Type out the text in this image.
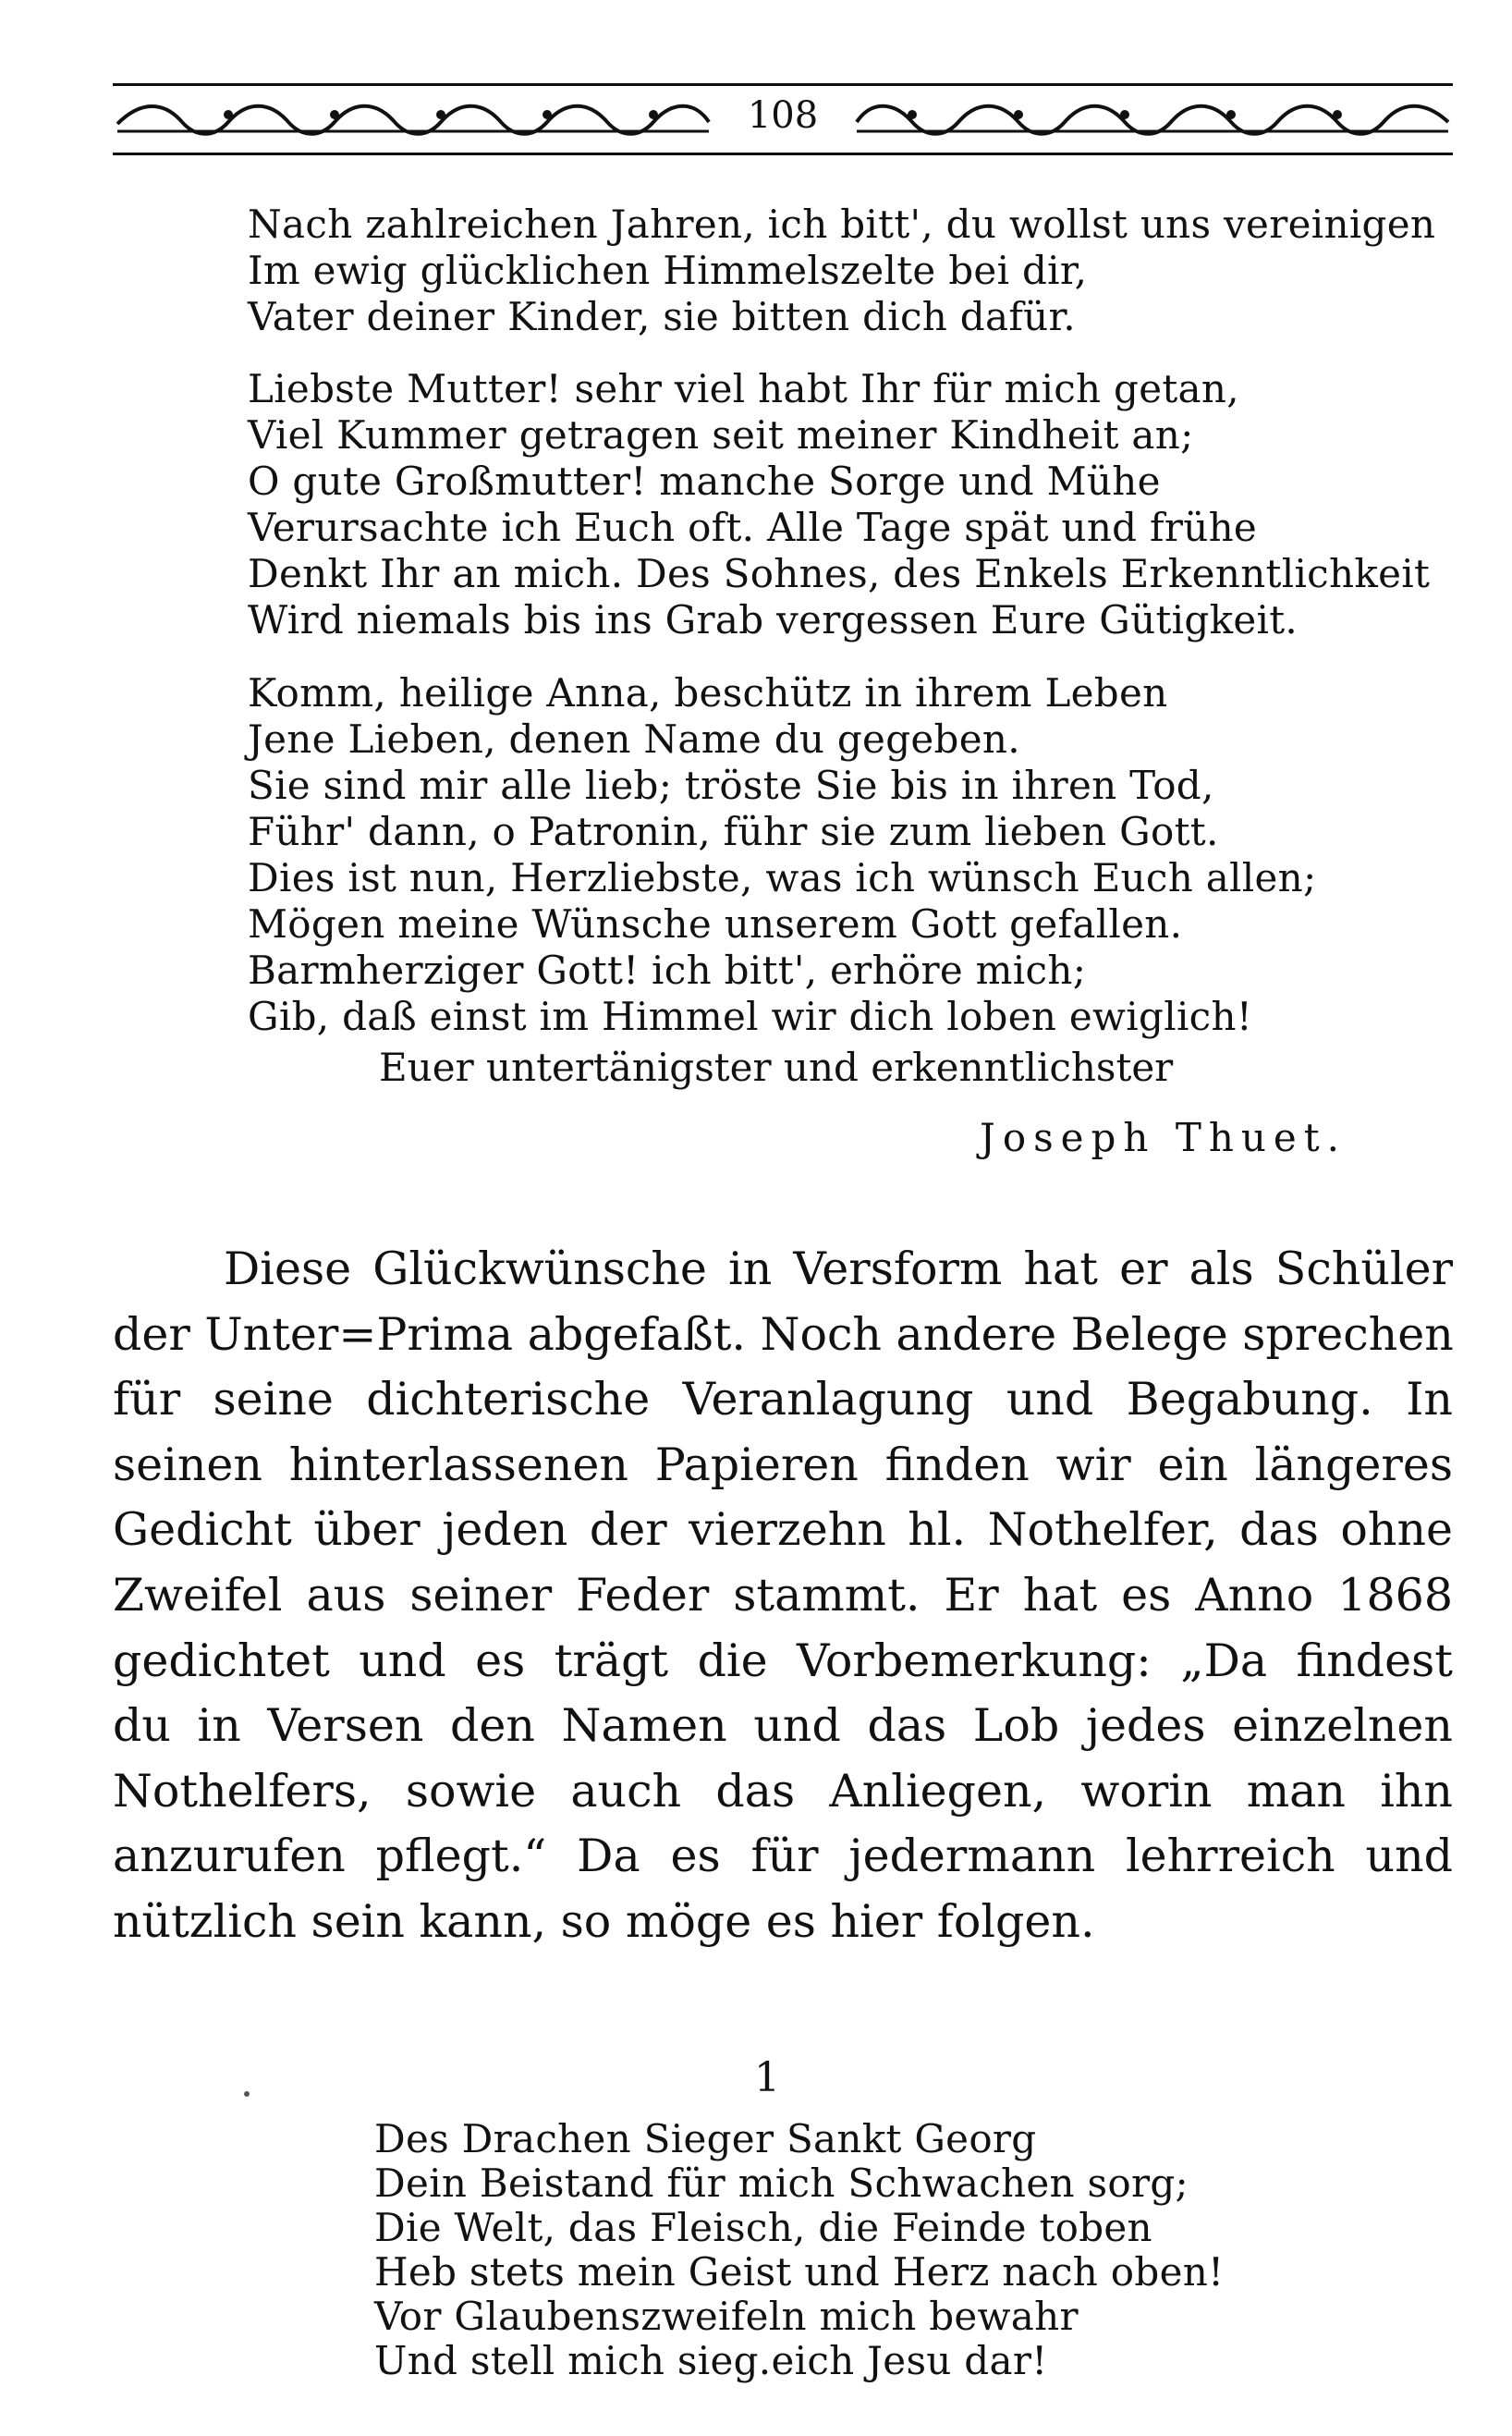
108
Nach zahlreichen Jahren, ich bitt', du wollst uns vereinigen
Im ewig glücklichen Himmelszelte bei dir,
Vater deiner Kinder, sie bitten dich dafür.
Liebste Mutter! sehr viel habt Ihr für mich getan,
Viel Kummer getragen seit meiner Kindheit an;
O gute Großmutter! manche Sorge und Mühe
Verursachte ich Euch oft. Alle Tage spät und frühe
Denkt Ihr an mich. Des Sohnes, des Enkels Erkenntlichkeit
Wird niemals bis ins Grab vergessen Eure Gütigkeit.
Komm, heilige Anna, beschütz in ihrem Leben
Jene Lieben, denen Name du gegeben.
Sie sind mir alle lieb; tröste Sie bis in ihren Tod,
Führ' dann, o Patronin, führ sie zum lieben Gott.
Dies ist nun, Herzliebste, was ich wünsch Euch allen;
Mögen meine Wünsche unserem Gott gefallen.
Barmherziger Gott! ich bitt', erhöre mich;
Gib, daß einst im Himmel wir dich loben ewiglich!
Euer untertänigster und erkenntlichster
Joseph Thuet.
Diese Glückwünsche in Versform hat er als Schüler
der Unter=Prima abgefaßt. Noch andere Belege sprechen
für seine dichterische Veranlagung und Begabung. In
seinen hinterlassenen Papieren finden wir ein längeres
Gedicht über jeden der vierzehn hl. Nothelfer, das ohne
Zweifel aus seiner Feder stammt. Er hat es Anno 1868
gedichtet und es trägt die Vorbemerkung: „Da findest
du in Versen den Namen und das Lob jedes einzelnen
Nothelfers, sowie auch das Anliegen, worin man ihn
anzurufen pflegt.“ Da es für jedermann lehrreich und
nützlich sein kann, so möge es hier folgen.
1
Des Drachen Sieger Sankt Georg
Dein Beistand für mich Schwachen sorg;
Die Welt, das Fleisch, die Feinde toben
Heb stets mein Geist und Herz nach oben!
Vor Glaubenszweifeln mich bewahr
Und stell mich sieg.eich Jesu dar!
